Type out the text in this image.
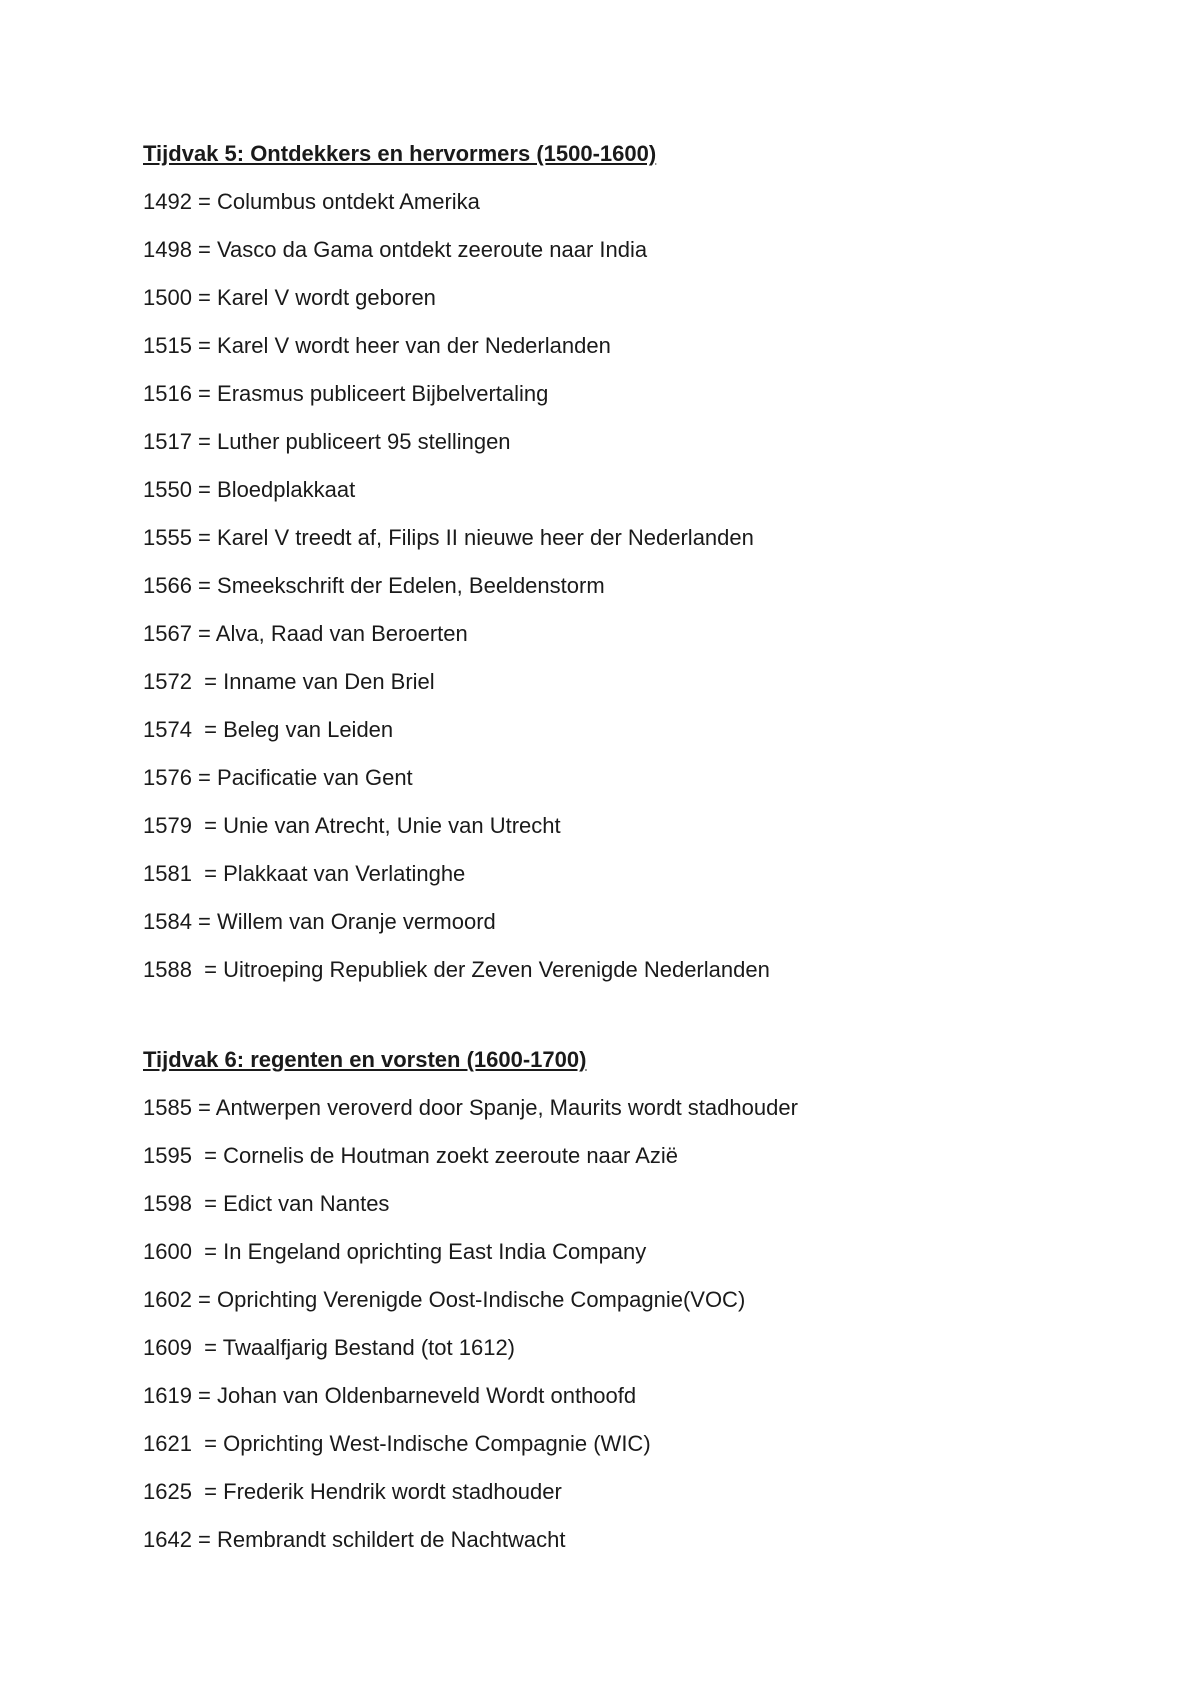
Tijdvak 5: Ontdekkers en hervormers (1500-1600)
1492 = Columbus ontdekt Amerika
1498 = Vasco da Gama ontdekt zeeroute naar India
1500 = Karel V wordt geboren
1515 = Karel V wordt heer van der Nederlanden
1516 = Erasmus publiceert Bijbelvertaling
1517 = Luther publiceert 95 stellingen
1550 = Bloedplakkaat
1555 = Karel V treedt af, Filips II nieuwe heer der Nederlanden
1566 = Smeekschrift der Edelen, Beeldenstorm
1567 = Alva, Raad van Beroerten
1572  = Inname van Den Briel
1574  = Beleg van Leiden
1576 = Pacificatie van Gent
1579  = Unie van Atrecht, Unie van Utrecht
1581  = Plakkaat van Verlatinghe
1584 = Willem van Oranje vermoord
1588  = Uitroeping Republiek der Zeven Verenigde Nederlanden
Tijdvak 6: regenten en vorsten (1600-1700)
1585 = Antwerpen veroverd door Spanje, Maurits wordt stadhouder
1595  = Cornelis de Houtman zoekt zeeroute naar Azië
1598  = Edict van Nantes
1600  = In Engeland oprichting East India Company
1602 = Oprichting Verenigde Oost-Indische Compagnie(VOC)
1609  = Twaalfjarig Bestand (tot 1612)
1619 = Johan van Oldenbarneveld Wordt onthoofd
1621  = Oprichting West-Indische Compagnie (WIC)
1625  = Frederik Hendrik wordt stadhouder
1642 = Rembrandt schildert de Nachtwacht
